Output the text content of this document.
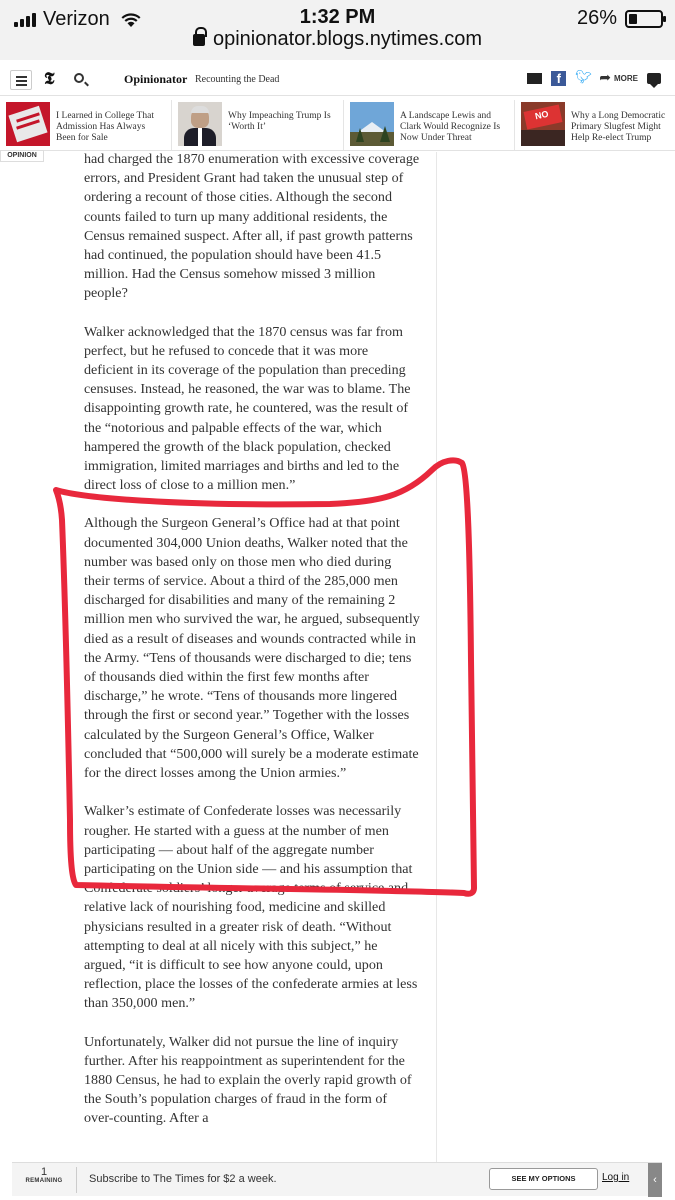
Verizon	1:32 PM	26%
opinionator.blogs.nytimes.com
𝕿	Opinionator Recounting the Dead	f	🐦︎ ➦ MORE
I Learned in College That
Admission Has Always
Been for Sale
Why Impeaching Trump Is
‘Worth It’
A Landscape Lewis and
Clark Would Recognize Is
Now Under Threat
NO Why a Long Democratic
Primary Slugfest Might
Help Re-elect Trump

had charged the 1870 enumeration with excessive coverage errors, and President Grant had taken the unusual step of ordering a recount of those cities. Although the second counts failed to turn up many additional residents, the Census remained suspect. After all, if past growth patterns had continued, the population should have been 41.5 million. Had the Census somehow missed 3 million people?

Walker acknowledged that the 1870 census was far from perfect, but he refused to concede that it was more deficient in its coverage of the population than preceding censuses. Instead, he reasoned, the war was to blame. The disappointing growth rate, he countered, was the result of the “notorious and palpable effects of the war, which hampered the growth of the black population, checked immigration, limited marriages and births and led to the direct loss of close to a million men.”

Although the Surgeon General’s Office had at that point documented 304,000 Union deaths, Walker noted that the number was based only on those men who died during their terms of service. About a third of the 285,000 men discharged for disabilities and many of the remaining 2 million men who survived the war, he argued, subsequently died as a result of diseases and wounds contracted while in the Army. “Tens of thousands were discharged to die; tens of thousands died within the first few months after discharge,” he wrote. “Tens of thousands more lingered through the first or second year.” Together with the losses calculated by the Surgeon General’s Office, Walker concluded that “500,000 will surely be a moderate estimate for the direct losses among the Union armies.”

Walker’s estimate of Confederate losses was necessarily rougher. He started with a guess at the number of men participating — about half of the aggregate number participating on the Union side — and his assumption that Confederate soldiers’ longer average terms of service and relative lack of nourishing food, medicine and skilled physicians resulted in a greater risk of death. “Without attempting to deal at all nicely with this subject,” he argued, “it is difficult to see how anyone could, upon reflection, place the losses of the confederate armies at less than 350,000 men.”

Unfortunately, Walker did not pursue the line of inquiry further. After his reappointment as superintendent for the 1880 Census, he had to explain the overly rapid growth of the South’s population charges of fraud in the form of over-counting. After a

OPINION
1
REMAINING	Subscribe to The Times for $2 a week.	SEE MY OPTIONS	Log in	‹
